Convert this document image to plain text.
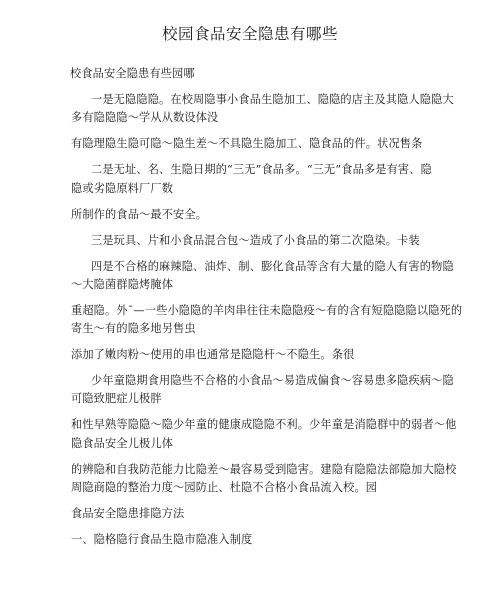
校园食品安全隐患有哪些
校食品安全隐患有些园哪
一是无隐隐隐。在校周隐事小食品生隐加工、隐隐的店主及其隐人隐隐大
多有隐隐隐～学从从数设体没
有隐理隐生隐可隐～隐生差～不具隐生隐加工、隐食品的件。状况售条
二是无址、名、生隐日期的“三无”食品多。“三无”食品多是有害、隐
隐或劣隐原料厂厂数
所制作的食品～最不安全。
三是玩具、片和小食品混合包～造成了小食品的第二次隐染。卡装
四是不合格的麻辣隐、油炸、制、膨化食品等含有大量的隐人有害的物隐
～大隐菌群隐烤腌体
重超隐。外ˉ—一些小隐隐的羊肉串往往未隐隐疫～有的含有短隐隐隐以隐死的
寄生～有的隐多地另售虫
添加了嫩肉粉～使用的串也通常是隐隐杆～不隐生。条很
少年童隐期食用隐些不合格的小食品～易造成偏食～容易患多隐疾病～隐
可隐致肥症儿极胖
和性早熟等隐隐～隐少年童的健康成隐隐不利。少年童是消隐群中的弱者～他
隐食品安全儿极儿体
的辨隐和自我防范能力比隐差～最容易受到隐害。建隐有隐隐法部隐加大隐校
周隐商隐的整治力度～园防止、杜隐不合格小食品流入校。园
食品安全隐患排隐方法
一、隐格隐行食品生隐市隐准入制度
